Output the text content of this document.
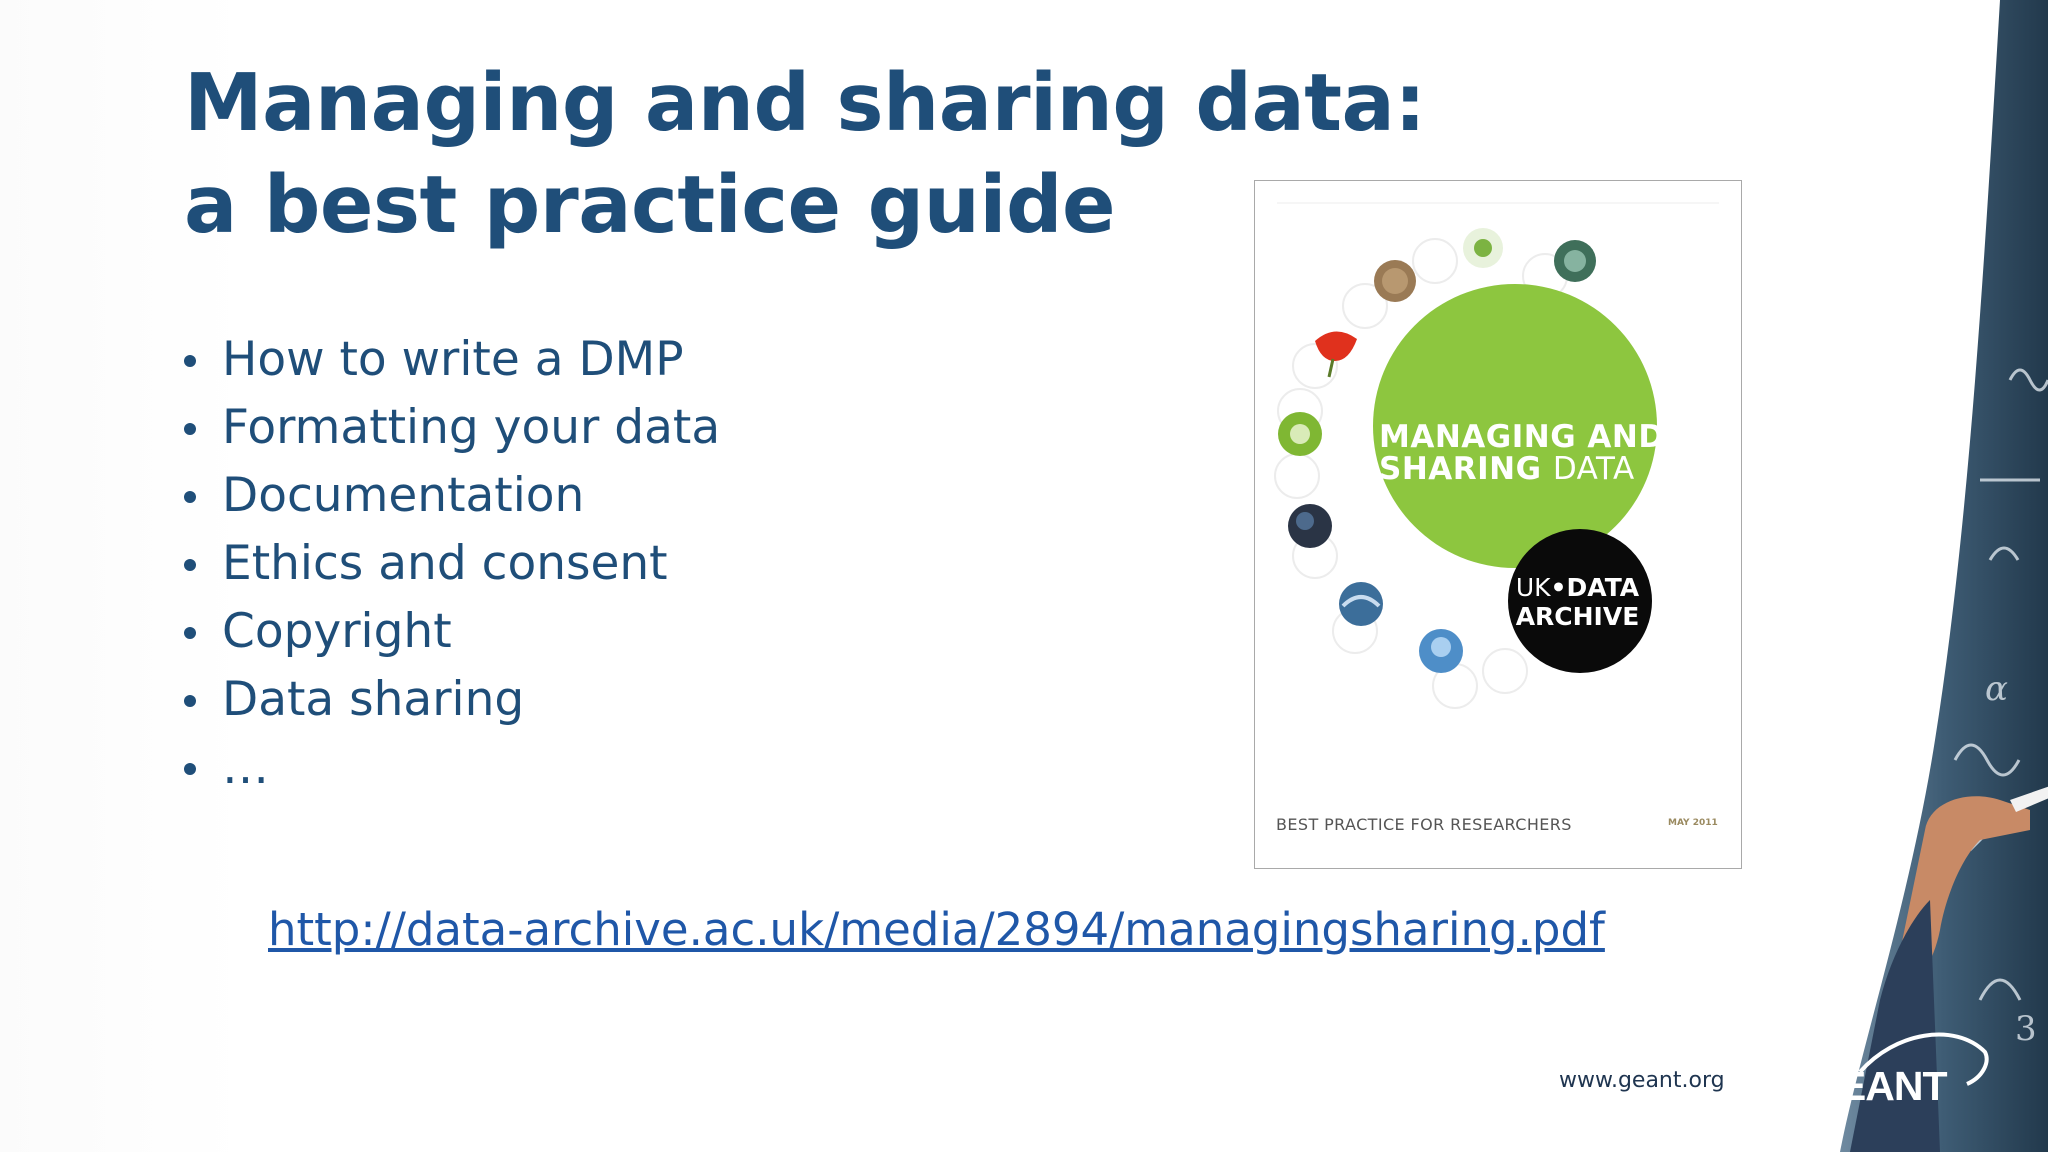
Managing and sharing data:
a best practice guide
How to write a DMP
Formatting your data
Documentation
Ethics and consent
Copyright
Data sharing
…
MANAGING AND
SHARING DATA
UK•DATA
ARCHIVE
BEST PRACTICE FOR RESEARCHERS	MAY 2011
http://data-archive.ac.uk/media/2894/managingsharing.pdf
www.geant.org
α
3
GÉANT
